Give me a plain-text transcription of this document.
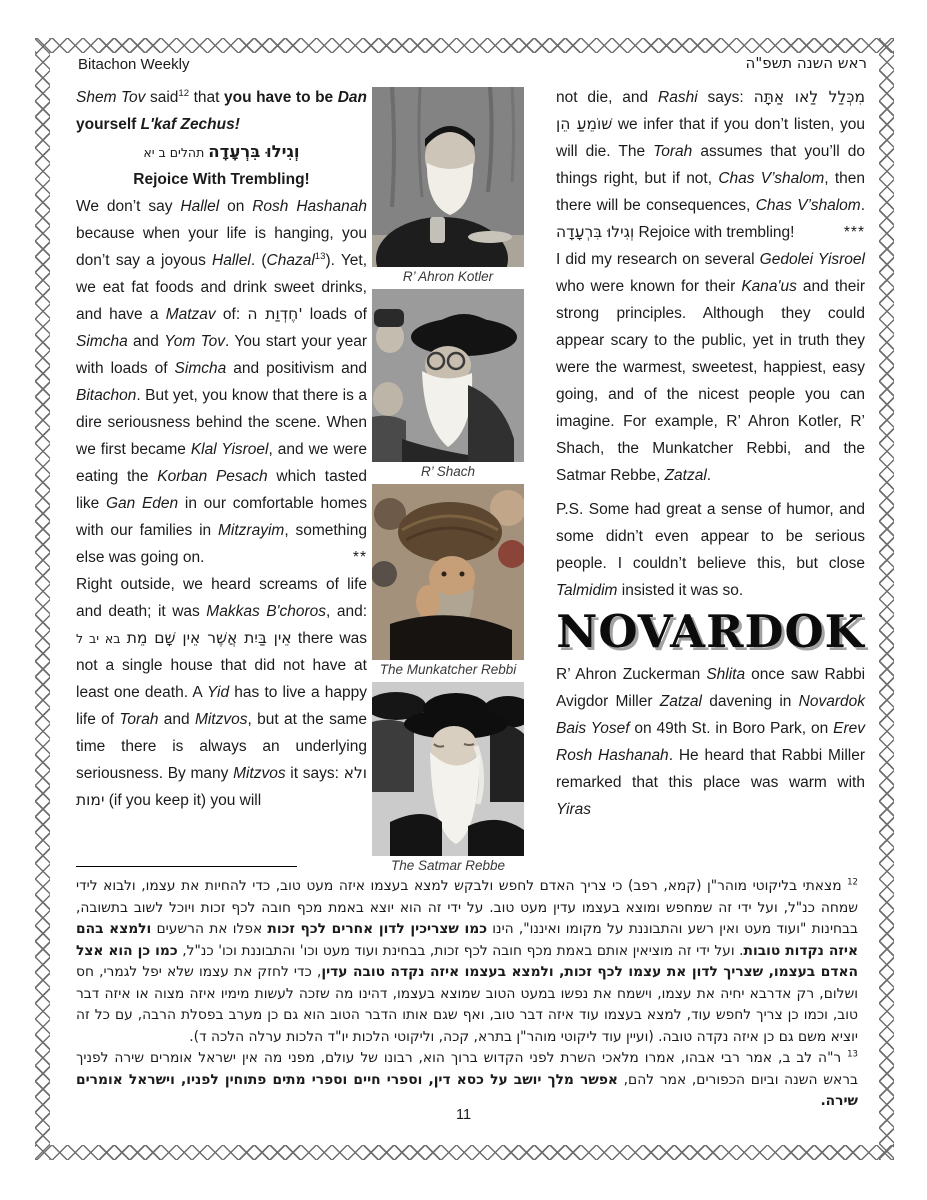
Bitachon Weekly	ראש השנה תשפ"ה

Shem Tov said$^{12}$ that you have to be Dan yourself L'kaf Zechus!

וְגִילוּ בִּרְעָדָה תהלים ב יא

Rejoice With Trembling!

We don’t say Hallel on Rosh Hashanah because when your life is hanging, you don’t say a joyous Hallel. (Chazal$^{13}$). Yet, we eat fat foods and drink sweet drinks, and have a Matzav of: חֶדְוַת ה' loads of Simcha and Yom Tov. You start your year with loads of Simcha and positivism and Bitachon. But yet, you know that there is a dire seriousness behind the scene. When we first became Klal Yisroel, and we were eating the Korban Pesach which tasted like Gan Eden in our comfortable homes with our families in Mitzrayim, something else was going on.	**

Right outside, we heard screams of life and death; it was Makkas B'choros, and: אֵין בַּיִת אֲשֶׁר אֵין שָׁם מֵת בא יב ל	there was not a single house that did not have at least one death. A Yid has to live a happy life of Torah and Mitzvos, but at the same time there is always an underlying seriousness. By many Mitzvos it says: ולא ימות (if you keep it) you will

R’ Ahron Kotler
R’ Shach
The Munkatcher Rebbi
The Satmar Rebbe

not die, and Rashi says: מִכְּלַל לַאו אַתָּה שׁוֹמֵעַ הֵן we infer that if you don’t listen, you will die. The Torah assumes that you’ll do things right, but if not, Chas V’shalom, then there will be consequences, Chas V’shalom. וְגִילוּ בִּרְעָדָה Rejoice with trembling!	***

I did my research on several Gedolei Yisroel who were known for their Kana'us and their strong principles. Although they could appear scary to the public, yet in truth they were the warmest, sweetest, happiest, easy going, and of the nicest people you can imagine. For example, R’ Ahron Kotler, R’ Shach, the Munkatcher Rebbi, and the Satmar Rebbe, Zatzal.

P.S. Some had great a sense of humor, and some didn’t even appear to be serious people. I couldn’t believe this, but close Talmidim insisted it was so.

NOVARDOK

R’ Ahron Zuckerman Shlita once saw Rabbi Avigdor Miller Zatzal davening in Novardok Bais Yosef on 49th St. in Boro Park, on Erev Rosh Hashanah. He heard that Rabbi Miller remarked that this place was warm with Yiras

$^{12}$ מצאתי בליקוטי מוהר"ן (קמא, רפב) כי צריך האדם לחפש ולבקש למצא בעצמו איזה מעט טוב, כדי להחיות את עצמו, ולבוא לידי שמחה כנ"ל, ועל ידי זה שמחפש ומוצא בעצמו עדין מעט טוב. על ידי זה הוא יוצא באמת מכף חובה לכף זכות ויוכל לשוב בתשובה, בבחינות "ועוד מעט ואין רשע והתבוננת על מקומו ואיננו", הינו כמו שצריכין לדון אחרים לכף זכות אפלו את הרשעים ולמצא בהם איזה נקדות טובות. ועל ידי זה מוציאין אותם באמת מכף חובה לכף זכות, בבחינת ועוד מעט וכו' והתבוננת וכו' כנ"ל, כמו כן הוא אצל האדם בעצמו, שצריך לדון את עצמו לכף זכות, ולמצא בעצמו איזה נקדה טובה עדין, כדי לחזק את עצמו שלא יפל לגמרי, חס ושלום, רק אדרבא יחיה את עצמו, וישמח את נפשו במעט הטוב שמוצא בעצמו, דהינו מה שזכה לעשות מימיו איזה מצוה או איזה דבר טוב, וכמו כן צריך לחפש עוד, למצא בעצמו עוד איזה דבר טוב, ואף שגם אותו הדבר הטוב הוא גם כן מערב בפסלת הרבה, עם כל זה יוציא משם גם כן איזה נקדה טובה. (ועיין עוד ליקוטי מוהר"ן בתרא, קכה, וליקוטי הלכות יו"ד הלכות ערלה הלכה ד).

$^{13}$ ר"ה לב ב, אמר רבי אבהו, אמרו מלאכי השרת לפני הקדוש ברוך הוא, רבונו של עולם, מפני מה אין ישראל אומרים שירה לפניך בראש השנה וביום הכפורים, אמר להם, אפשר מלך יושב על כסא דין, וספרי חיים וספרי מתים פתוחין לפניו, וישראל אומרים שירה.

11
